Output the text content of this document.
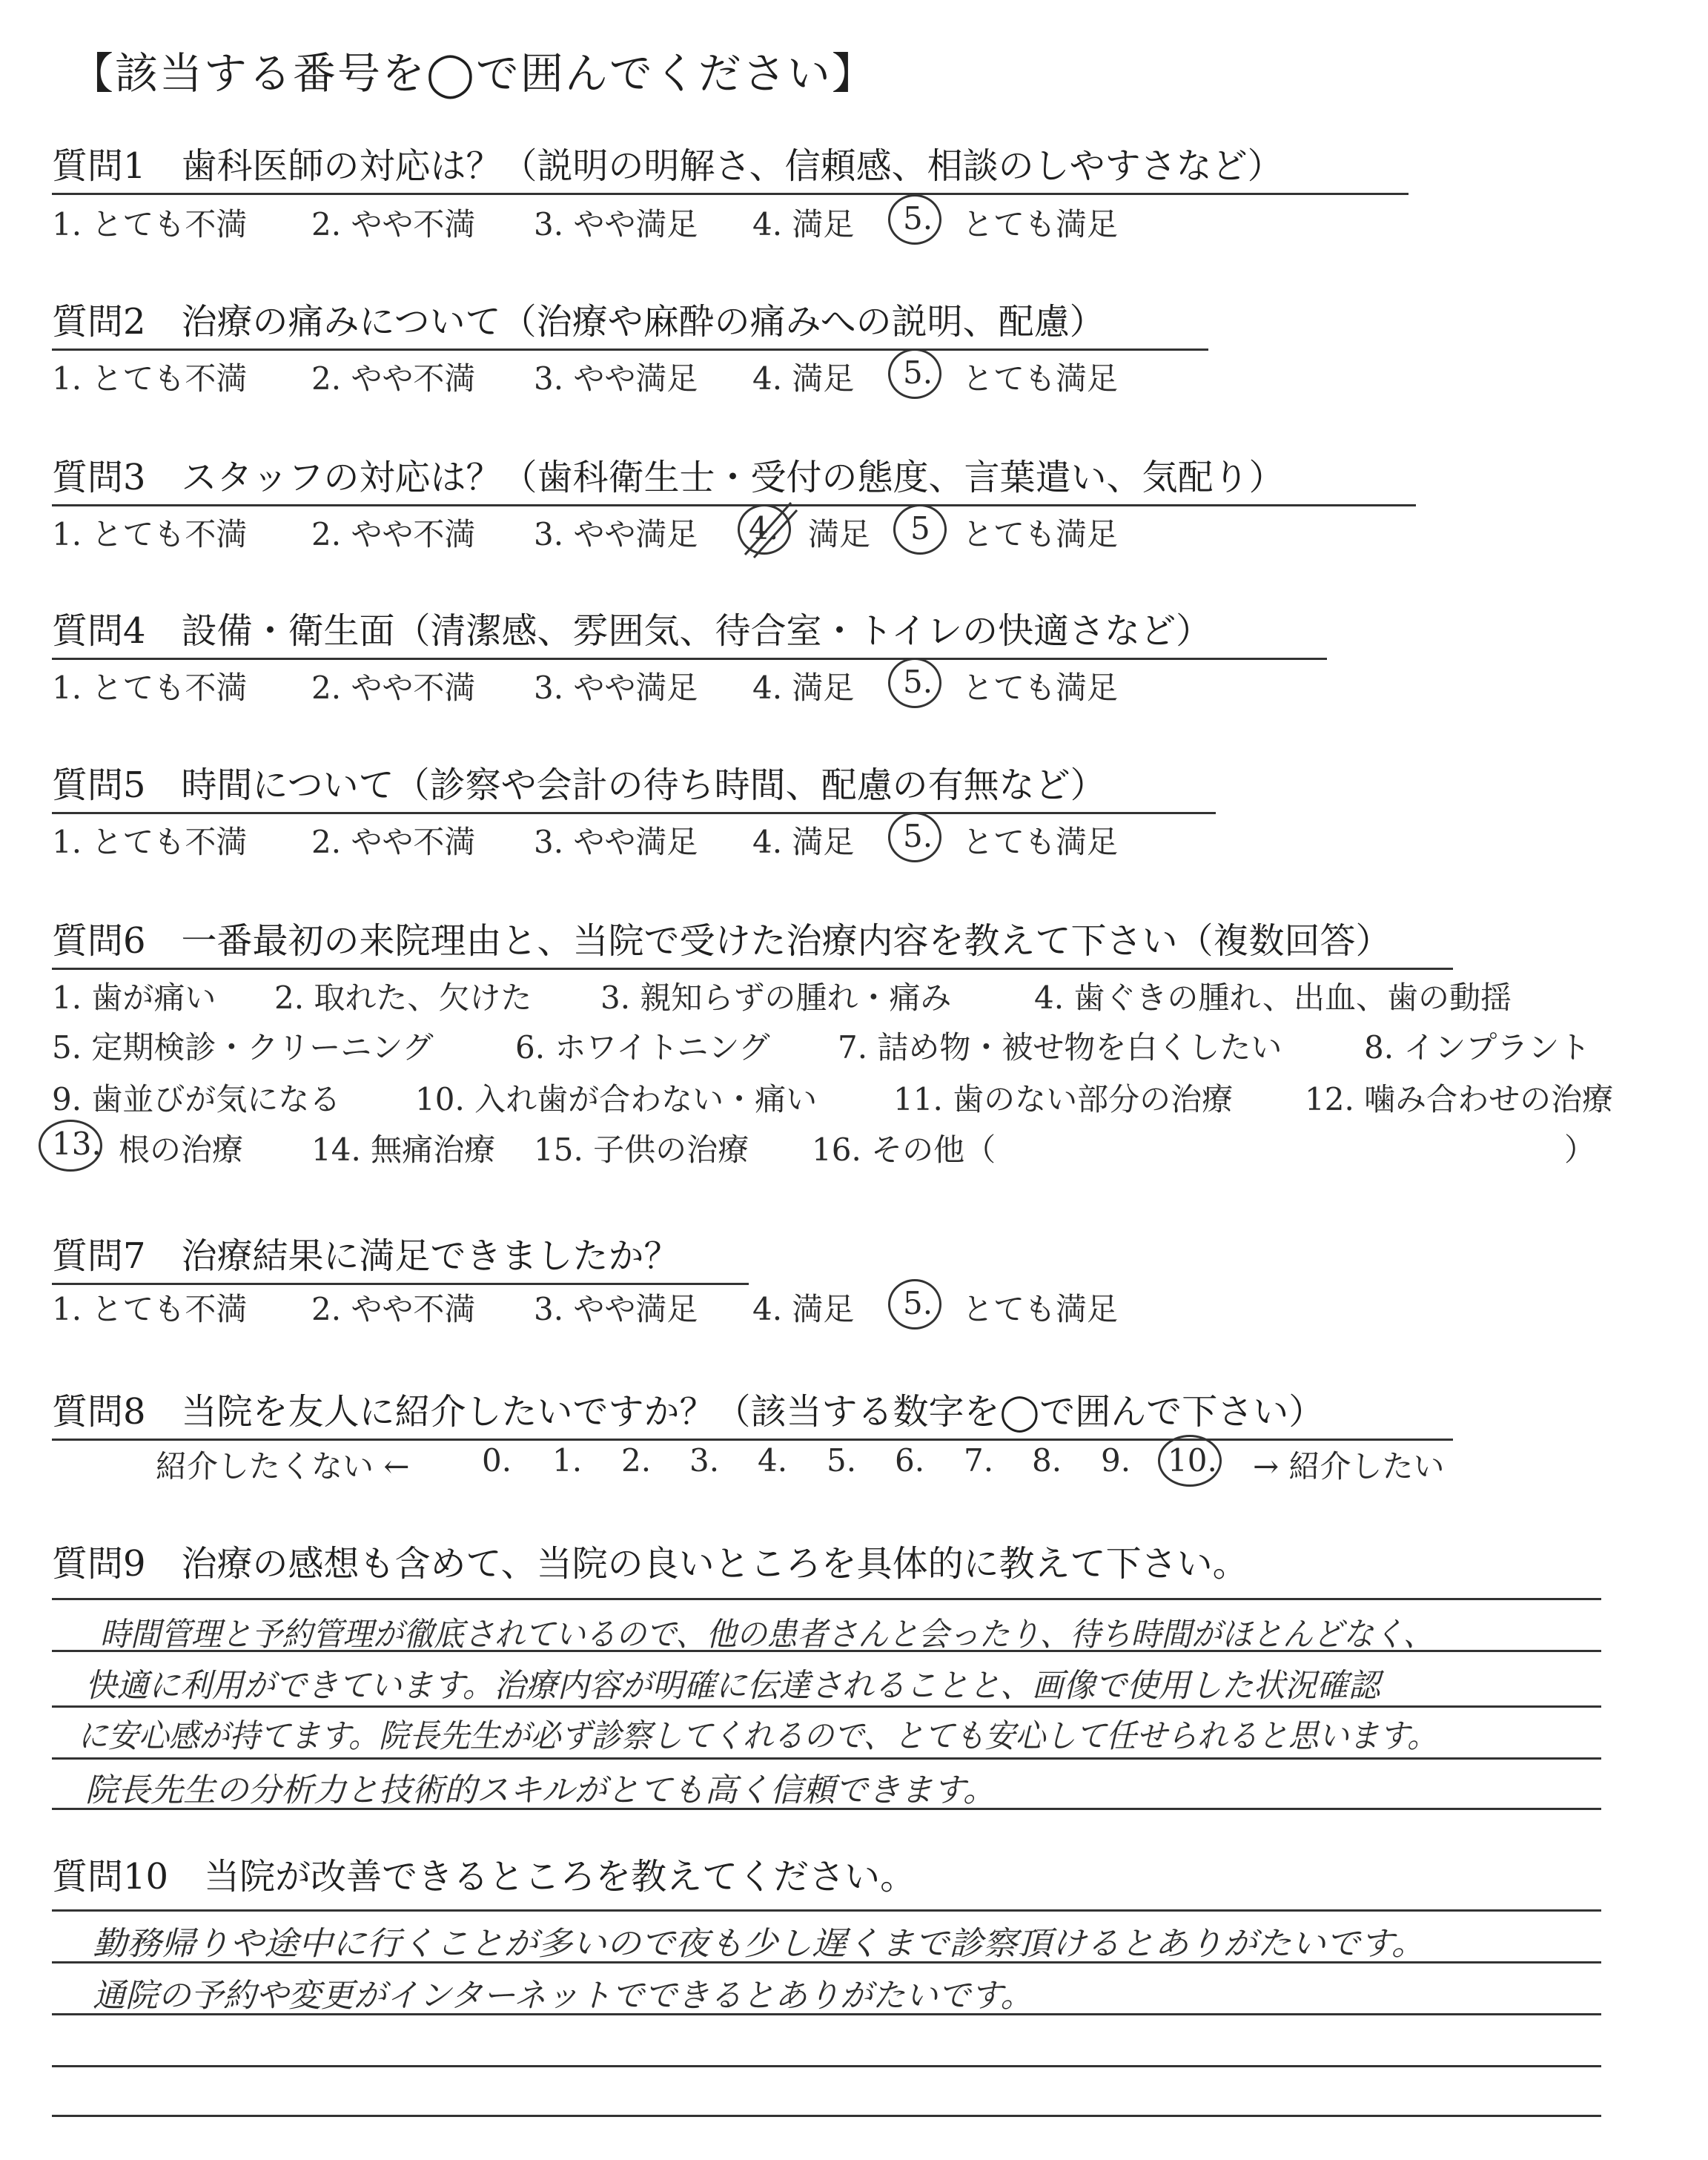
【該当する番号を◯で囲んでください】
質問1　歯科医師の対応は？（説明の明解さ、信頼感、相談のしやすさなど）
1. とても不満 2. やや不満 3. やや満足 4. 満足 5. とても満足
質問2　治療の痛みについて（治療や麻酔の痛みへの説明、配慮）
1. とても不満 2. やや不満 3. やや満足 4. 満足 5. とても満足
質問3　スタッフの対応は？（歯科衛生士・受付の態度、言葉遣い、気配り）
1. とても不満 2. やや不満 3. やや満足 4. 満足 5 とても満足
質問4　設備・衛生面（清潔感、雰囲気、待合室・トイレの快適さなど）
1. とても不満 2. やや不満 3. やや満足 4. 満足 5. とても満足
質問5　時間について（診察や会計の待ち時間、配慮の有無など）
1. とても不満 2. やや不満 3. やや満足 4. 満足 5. とても満足
質問6　一番最初の来院理由と、当院で受けた治療内容を教えて下さい（複数回答）
1. 歯が痛い 2. 取れた、欠けた 3. 親知らずの腫れ・痛み	4. 歯ぐきの腫れ、出血、歯の動揺
5. 定期検診・クリーニング	6. ホワイトニング 7. 詰め物・被せ物を白くしたい	8. インプラント
9. 歯並びが気になる 10. 入れ歯が合わない・痛い 11. 歯のない部分の治療 12. 噛み合わせの治療
13. 根の治療 14. 無痛治療 15. 子供の治療 16. その他（	）
質問7　治療結果に満足できましたか？
1. とても不満 2. やや不満 3. やや満足 4. 満足 5. とても満足
質問8　当院を友人に紹介したいですか？（該当する数字を◯で囲んで下さい）
紹介したくない ← 0. 1. 2. 3. 4. 5. 6. 7. 8. 9. 10. → 紹介したい
質問9　治療の感想も含めて、当院の良いところを具体的に教えて下さい。
時間管理と予約管理が徹底されているので、他の患者さんと会ったり、待ち時間がほとんどなく、
快適に利用ができています。治療内容が明確に伝達されることと、画像で使用した状況確認
に安心感が持てます。院長先生が必ず診察してくれるので、とても安心して任せられると思います。
院長先生の分析力と技術的スキルがとても高く信頼できます。
質問10　当院が改善できるところを教えてください。
勤務帰りや途中に行くことが多いので夜も少し遅くまで診察頂けるとありがたいです。
通院の予約や変更がインターネットでできるとありがたいです。
